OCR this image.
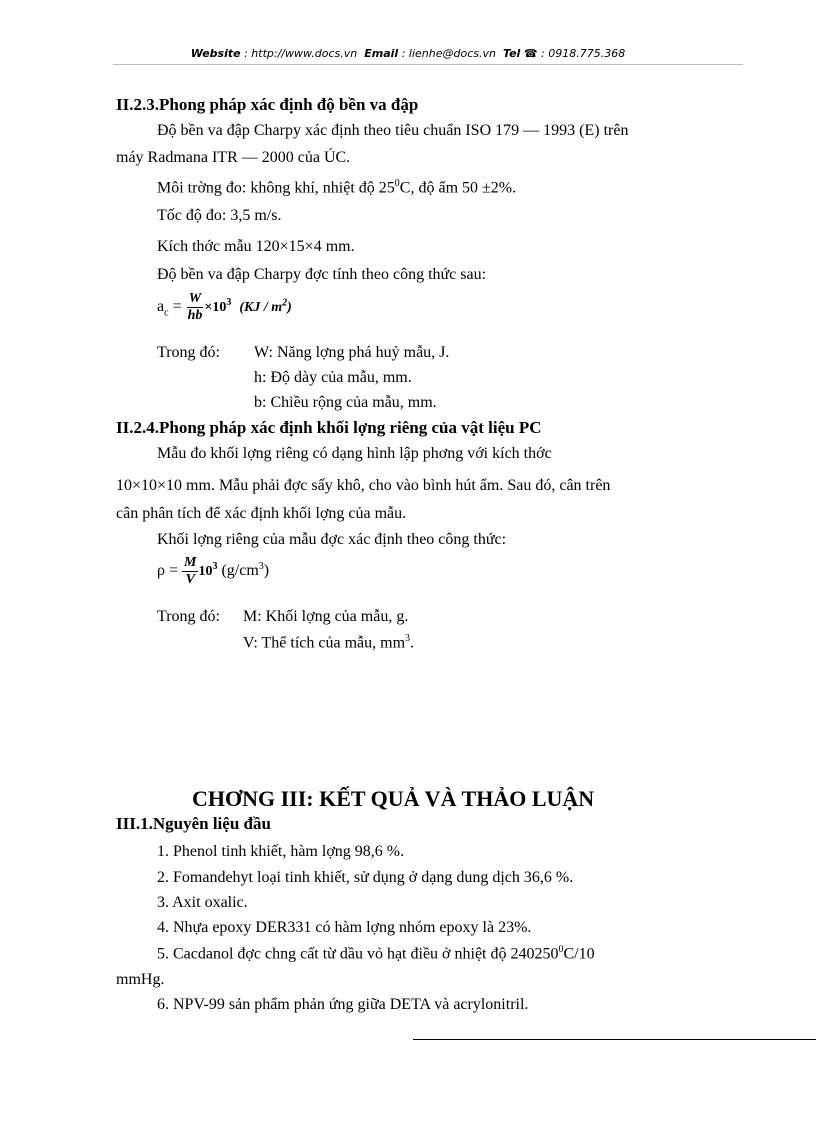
Website : http://www.docs.vn Email : lienhe@docs.vn Tel ☎ : 0918.775.368
II.2.3.Phong pháp xác định độ bền va đập
Độ bền va đập Charpy xác định theo tiêu chuẩn ISO 179 — 1993 (E) trên
máy Radmana ITR — 2000 của ÚC.
Môi trờng đo: không khí, nhiệt độ $25^0C$, độ ẩm 50 ±2%.
Tốc độ đo: 3,5 m/s.
Kích thớc mẫu 120×15×4 mm.
Độ bền va đập Charpy đợc tính theo công thức sau:
$a_c = \frac{W}{hb} \times 10^3$ $(KJ / m^2)$
Trong đó: W: Năng lợng phá huỷ mẫu, J.
h: Độ dày của mẫu, mm.
b: Chiều rộng của mẫu, mm.
II.2.4.Phong pháp xác định khối lợng riêng của vật liệu PC
Mẫu đo khối lợng riêng có dạng hình lập phơng với kích thớc
10×10×10 mm. Mẫu phải đợc sấy khô, cho vào bình hút ẩm. Sau đó, cân trên
cân phân tích để xác định khối lợng của mẫu.
Khối lợng riêng của mẫu đợc xác định theo công thức:
$\rho = \frac{M}{V} 10^3$ $(g/cm^3)$
Trong đó: M: Khối lợng của mẫu, g.
V: Thể tích của mẫu, $mm^3$.
CHƠNG III: KẾT QUẢ VÀ THẢO LUẬN
III.1.Nguyên liệu đầu
1. Phenol tinh khiết, hàm lợng 98,6 %.
2. Fomandehyt loại tinh khiết, sử dụng ở dạng dung dịch 36,6 %.
3. Axit oxalic.
4. Nhựa epoxy DER331 có hàm lợng nhóm epoxy là 23%.
5. Cacdanol đợc chng cất từ dầu vỏ hạt điều ở nhiệt độ 240250$^0$C/10
mmHg.
6. NPV-99 sản phẩm phản ứng giữa DETA và acrylonitril.
